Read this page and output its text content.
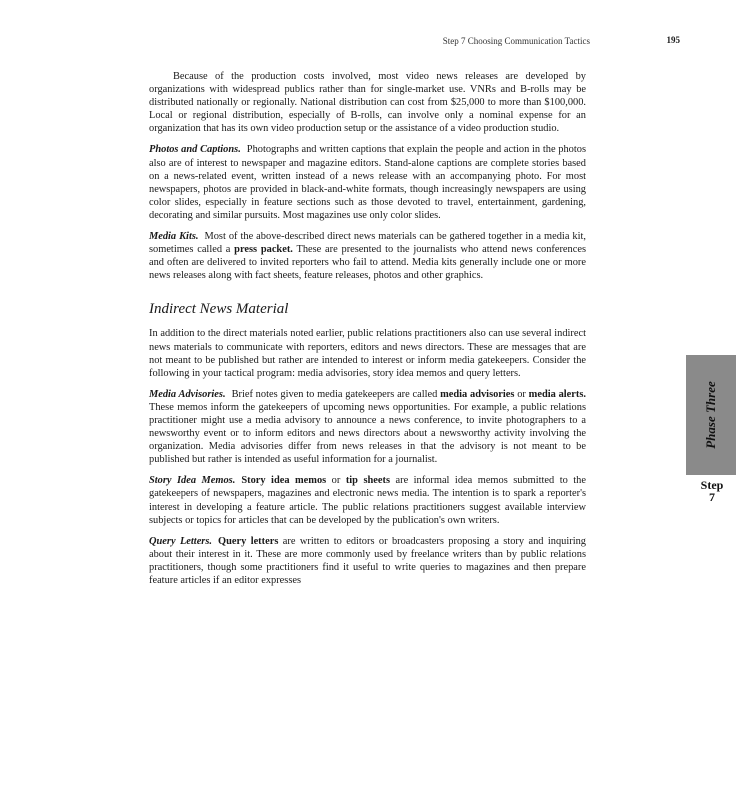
Step 7 Choosing Communication Tactics	195

Because of the production costs involved, most video news releases are developed by organizations with widespread publics rather than for single-market use. VNRs and B-rolls may be distributed nationally or regionally. National distribution can cost from $25,000 to more than $100,000. Local or regional distribution, especially of B-rolls, can involve only a nominal expense for an organization that has its own video production setup or the assistance of a video production studio.

Photos and Captions. Photographs and written captions that explain the people and action in the photos also are of interest to newspaper and magazine editors. Stand-alone captions are complete stories based on a news-related event, written instead of a news release with an accompanying photo. For most newspapers, photos are provided in black-and-white formats, though increasingly newspapers are using color slides, especially in feature sections such as those devoted to travel, entertainment, gardening, decorating and similar pursuits. Most magazines use only color slides.

Media Kits. Most of the above-described direct news materials can be gathered together in a media kit, sometimes called a press packet. These are presented to the journalists who attend news conferences and often are delivered to invited reporters who fail to attend. Media kits generally include one or more news releases along with fact sheets, feature releases, photos and other graphics.

Indirect News Material

In addition to the direct materials noted earlier, public relations practitioners also can use several indirect news materials to communicate with reporters, editors and news directors. These are messages that are not meant to be published but rather are intended to interest or inform media gatekeepers. Consider the following in your tactical program: media advisories, story idea memos and query letters.

Media Advisories. Brief notes given to media gatekeepers are called media advisories or media alerts. These memos inform the gatekeepers of upcoming news opportunities. For example, a public relations practitioner might use a media advisory to announce a news conference, to invite photographers to a newsworthy event or to inform editors and news directors about a newsworthy activity involving the organization. Media advisories differ from news releases in that the advisory is not meant to be published but rather is intended as useful information for a journalist.

Story Idea Memos. Story idea memos or tip sheets are informal idea memos submitted to the gatekeepers of newspapers, magazines and electronic news media. The intention is to spark a reporter's interest in developing a feature article. The public relations practitioners suggest available interview subjects or topics for articles that can be developed by the publication's own writers.

Query Letters. Query letters are written to editors or broadcasters proposing a story and inquiring about their interest in it. These are more commonly used by freelance writers than by public relations practitioners, though some practitioners find it useful to write queries to magazines and then prepare feature articles if an editor expresses

Phase Three
Step
7
